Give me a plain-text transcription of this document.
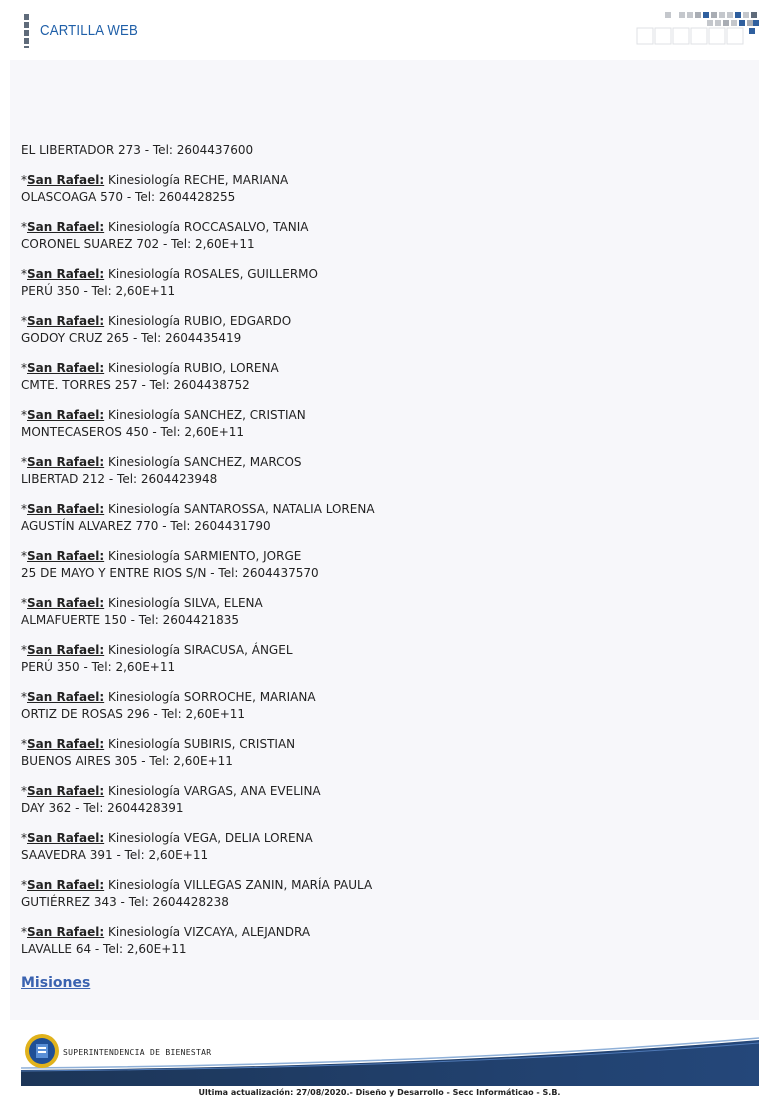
CARTILLA WEB
EL LIBERTADOR 273 - Tel: 2604437600
*San Rafael: Kinesiología RECHE, MARIANA
OLASCOAGA 570 - Tel: 2604428255
*San Rafael: Kinesiología ROCCASALVO, TANIA
CORONEL SUAREZ 702 - Tel: 2,60E+11
*San Rafael: Kinesiología ROSALES, GUILLERMO
PERÚ 350 - Tel: 2,60E+11
*San Rafael: Kinesiología RUBIO, EDGARDO
GODOY CRUZ 265 - Tel: 2604435419
*San Rafael: Kinesiología RUBIO, LORENA
CMTE. TORRES 257 - Tel: 2604438752
*San Rafael: Kinesiología SANCHEZ, CRISTIAN
MONTECASEROS 450 - Tel: 2,60E+11
*San Rafael: Kinesiología SANCHEZ, MARCOS
LIBERTAD 212 - Tel: 2604423948
*San Rafael: Kinesiología SANTAROSSA, NATALIA LORENA
AGUSTÍN ALVAREZ 770 - Tel: 2604431790
*San Rafael: Kinesiología SARMIENTO, JORGE
25 DE MAYO Y ENTRE RIOS S/N - Tel: 2604437570
*San Rafael: Kinesiología SILVA, ELENA
ALMAFUERTE 150 - Tel: 2604421835
*San Rafael: Kinesiología SIRACUSA, ÁNGEL
PERÚ 350 - Tel: 2,60E+11
*San Rafael: Kinesiología SORROCHE, MARIANA
ORTIZ DE ROSAS 296 - Tel: 2,60E+11
*San Rafael: Kinesiología SUBIRIS, CRISTIAN
BUENOS AIRES 305 - Tel: 2,60E+11
*San Rafael: Kinesiología VARGAS, ANA EVELINA
DAY 362 - Tel: 2604428391
*San Rafael: Kinesiología VEGA, DELIA LORENA
SAAVEDRA 391 - Tel: 2,60E+11
*San Rafael: Kinesiología VILLEGAS ZANIN, MARÍA PAULA
GUTIÉRREZ 343 - Tel: 2604428238
*San Rafael: Kinesiología VIZCAYA, ALEJANDRA
LAVALLE 64 - Tel: 2,60E+11
Misiones
SUPERINTENDENCIA DE BIENESTAR
Ultima actualización: 27/08/2020.- Diseño y Desarrollo - Secc Informáticao - S.B.
